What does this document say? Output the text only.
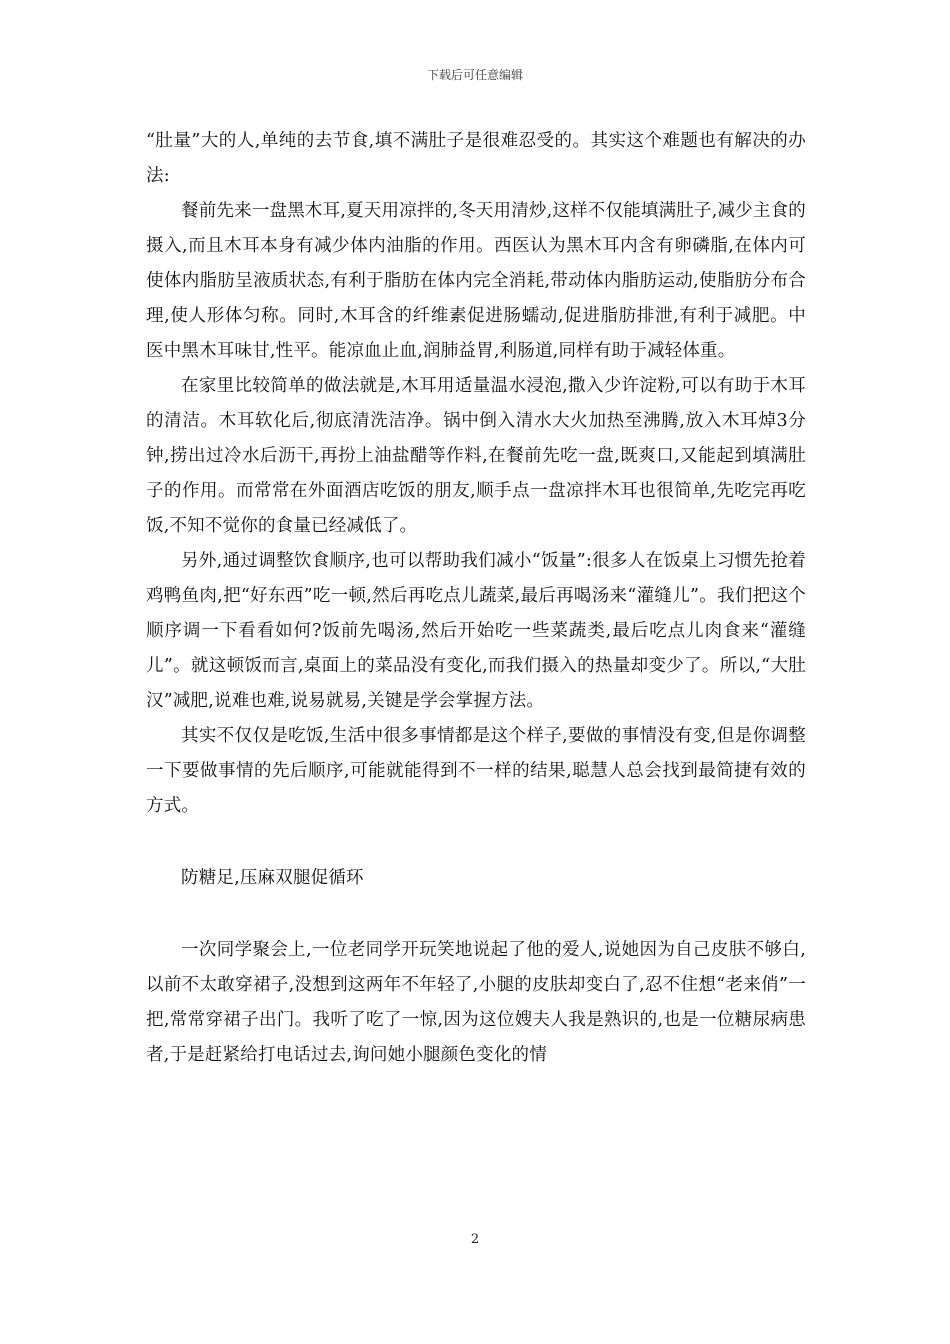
下载后可任意编辑

“肚量”大的人,单纯的去节食,填不满肚子是很难忍受的。其实这个难题也有解决的办法:

餐前先来一盘黑木耳,夏天用凉拌的,冬天用清炒,这样不仅能填满肚子,减少主食的摄入,而且木耳本身有减少体内油脂的作用。西医认为黑木耳内含有卵磷脂,在体内可使体内脂肪呈液质状态,有利于脂肪在体内完全消耗,带动体内脂肪运动,使脂肪分布合理,使人形体匀称。同时,木耳含的纤维素促进肠蠕动,促进脂肪排泄,有利于减肥。中医中黑木耳味甘,性平。能凉血止血,润肺益胃,利肠道,同样有助于减轻体重。

在家里比较简单的做法就是,木耳用适量温水浸泡,撒入少许淀粉,可以有助于木耳的清洁。木耳软化后,彻底清洗洁净。锅中倒入清水大火加热至沸腾,放入木耳焯3分钟,捞出过冷水后沥干,再扮上油盐醋等作料,在餐前先吃一盘,既爽口,又能起到填满肚子的作用。而常常在外面酒店吃饭的朋友,顺手点一盘凉拌木耳也很简单,先吃完再吃饭,不知不觉你的食量已经减低了。

另外,通过调整饮食顺序,也可以帮助我们减小“饭量”:很多人在饭桌上习惯先抢着鸡鸭鱼肉,把“好东西”吃一顿,然后再吃点儿蔬菜,最后再喝汤来“灌缝儿”。我们把这个顺序调一下看看如何?饭前先喝汤,然后开始吃一些菜蔬类,最后吃点儿肉食来“灌缝儿”。就这顿饭而言,桌面上的菜品没有变化,而我们摄入的热量却变少了。所以,“大肚汉”减肥,说难也难,说易就易,关键是学会掌握方法。

其实不仅仅是吃饭,生活中很多事情都是这个样子,要做的事情没有变,但是你调整一下要做事情的先后顺序,可能就能得到不一样的结果,聪慧人总会找到最简捷有效的方式。

防糖足,压麻双腿促循环

一次同学聚会上,一位老同学开玩笑地说起了他的爱人,说她因为自己皮肤不够白,以前不太敢穿裙子,没想到这两年不年轻了,小腿的皮肤却变白了,忍不住想“老来俏”一把,常常穿裙子出门。我听了吃了一惊,因为这位嫂夫人我是熟识的,也是一位糖尿病患者,于是赶紧给打电话过去,询问她小腿颜色变化的情

2
